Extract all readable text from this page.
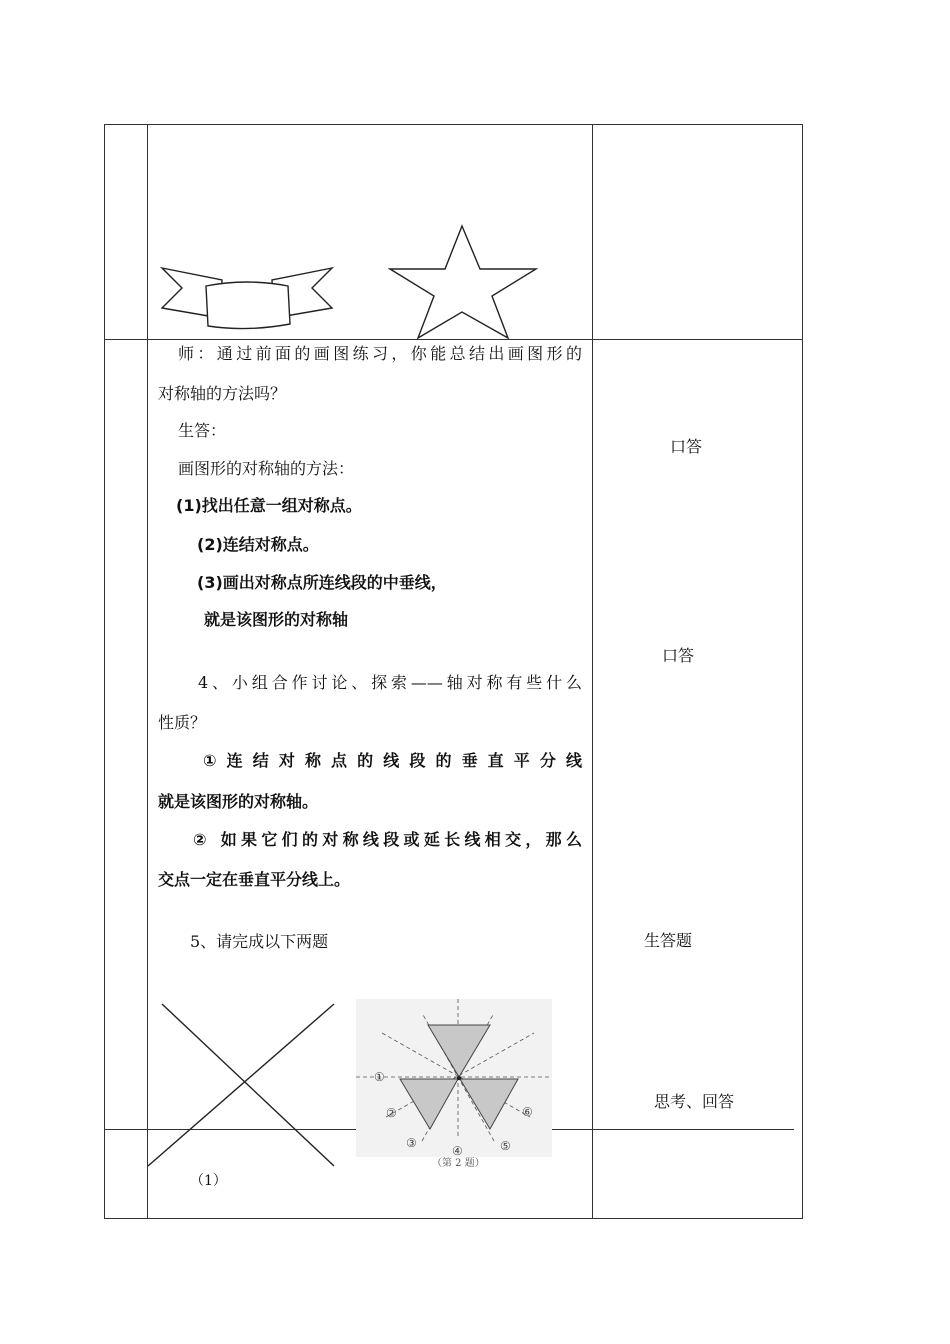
师：通过前面的画图练习，你能总结出画图形的
对称轴的方法吗？
生答：
画图形的对称轴的方法：
(1)找出任意一组对称点。
(2)连结对称点。
(3)画出对称点所连线段的中垂线，
就是该图形的对称轴
4、小组合作讨论、探索——轴对称有些什么
性质？
①连结对称点的线段的垂直平分线
就是该图形的对称轴。
② 如果它们的对称线段或延长线相交，那么
交点一定在垂直平分线上。
5、请完成以下两题
（1）
①
②
③
④	⑤
⑥
（第 2 题）
口答
口答
生答题
思考、回答
